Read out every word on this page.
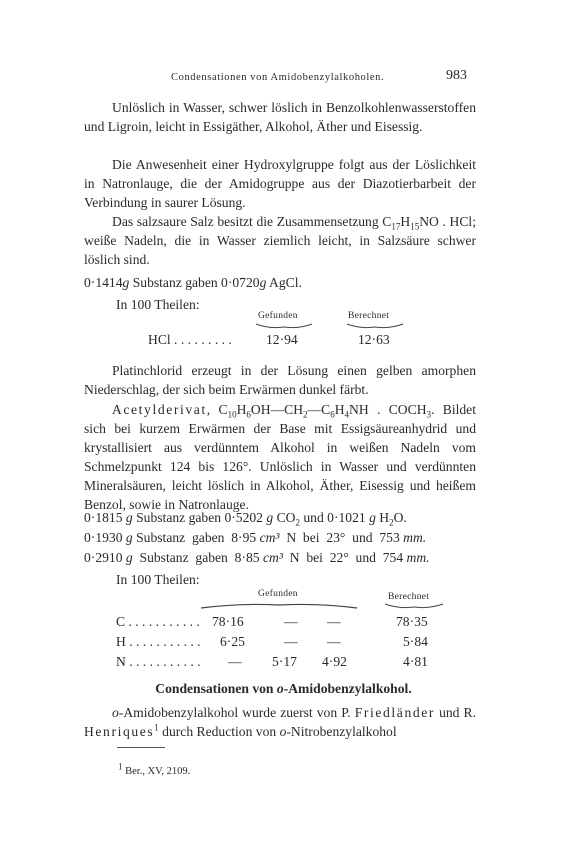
Condensationen von Amidobenzylalkoholen.	983
Unlöslich in Wasser, schwer löslich in Benzolkohlenwasserstoffen und Ligroin, leicht in Essigäther, Alkohol, Äther und Eisessig.
Die Anwesenheit einer Hydroxylgruppe folgt aus der Löslichkeit in Natronlauge, die der Amidogruppe aus der Diazotierbarbeit der Verbindung in saurer Lösung.
Das salzsaure Salz besitzt die Zusammensetzung $C_{17}H_{15}NO$ . HCl; weiße Nadeln, die in Wasser ziemlich leicht, in Salzsäure schwer löslich sind.
0·1414g Substanz gaben 0·0720g AgCl.
In 100 Theilen:
Gefunden	Berechnet
HCl . . . . . . . . .	12·94	12·63
Platinchlorid erzeugt in der Lösung einen gelben amorphen Niederschlag, der sich beim Erwärmen dunkel färbt.
Acetylderivat, $C_{10}H_6OH—CH_2—C_6H_4NH$ . $COCH_3$. Bildet sich bei kurzem Erwärmen der Base mit Essigsäureanhydrid und krystallisiert aus verdünntem Alkohol in weißen Nadeln vom Schmelzpunkt 124 bis 126°. Unlöslich in Wasser und verdünnten Mineralsäuren, leicht löslich in Alkohol, Äther, Eisessig und heißem Benzol, sowie in Natronlauge.
0·1815 g Substanz gaben 0·5202 g $CO_2$ und 0·1021 g $H_2O$.
0·1930 g Substanz  gaben  8·95 cm³  N  bei  23°  und  753 mm.
0·2910 g  Substanz  gaben  8·85 cm³  N  bei  22°  und  754 mm.
In 100 Theilen:
Gefunden	Berechnet
C . . . . . . . . . . . 78·16	— —	78·35
H . . . . . . . . . . . 6·25	— —	5·84
N . . . . . . . . . . . — 5·17 4·92	4·81
Condensationen von o-Amidobenzylalkohol.
o-Amidobenzylalkohol wurde zuerst von P. Friedländer und R. Henriques$^1$ durch Reduction von o-Nitrobenzylalkohol
$^1$ Ber., XV, 2109.
